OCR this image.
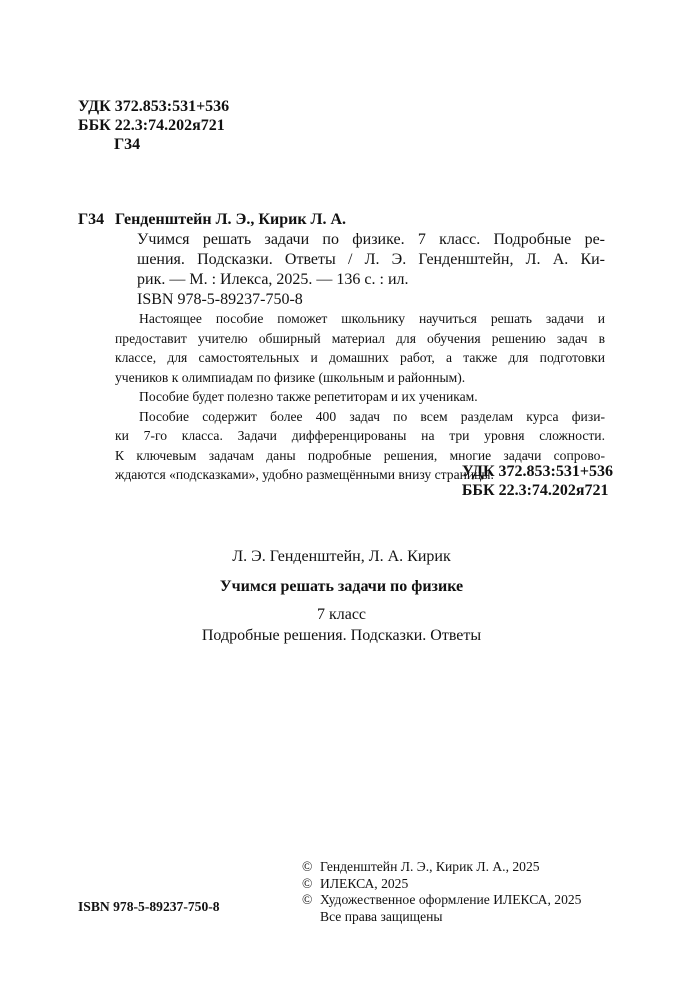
УДК 372.853:531+536
ББК 22.3:74.202я721
Г34
Г34 Генденштейн Л. Э., Кирик Л. А.
Учимся решать задачи по физике. 7 класс. Подробные ре-
шения. Подсказки. Ответы / Л. Э. Генденштейн, Л. А. Ки-
рик. — М. : Илекса, 2025. — 136 с. : ил.
ISBN 978-5-89237-750-8

Настоящее пособие поможет школьнику научиться решать задачи и

предоставит учителю обширный материал для обучения решению задач в
классе, для самостоятельных и домашних работ, а также для подготовки
учеников к олимпиадам по физике (школьным и районным).

Пособие будет полезно также репетиторам и их ученикам.

Пособие содержит более 400 задач по всем разделам курса физи-

ки 7-го класса. Задачи дифференцированы на три уровня сложности.
К ключевым задачам даны подробные решения, многие задачи сопрово-
ждаются «подсказками», удобно размещёнными внизу страницы.
УДК 372.853:531+536
ББК 22.3:74.202я721
Л. Э. Генденштейн, Л. А. Кирик
Учимся решать задачи по физике
7 класс
Подробные решения. Подсказки. Ответы
© Генденштейн Л. Э., Кирик Л. А., 2025
© ИЛЕКСА, 2025
© Художественное оформление ИЛЕКСА, 2025
Все права защищены
ISBN 978-5-89237-750-8
